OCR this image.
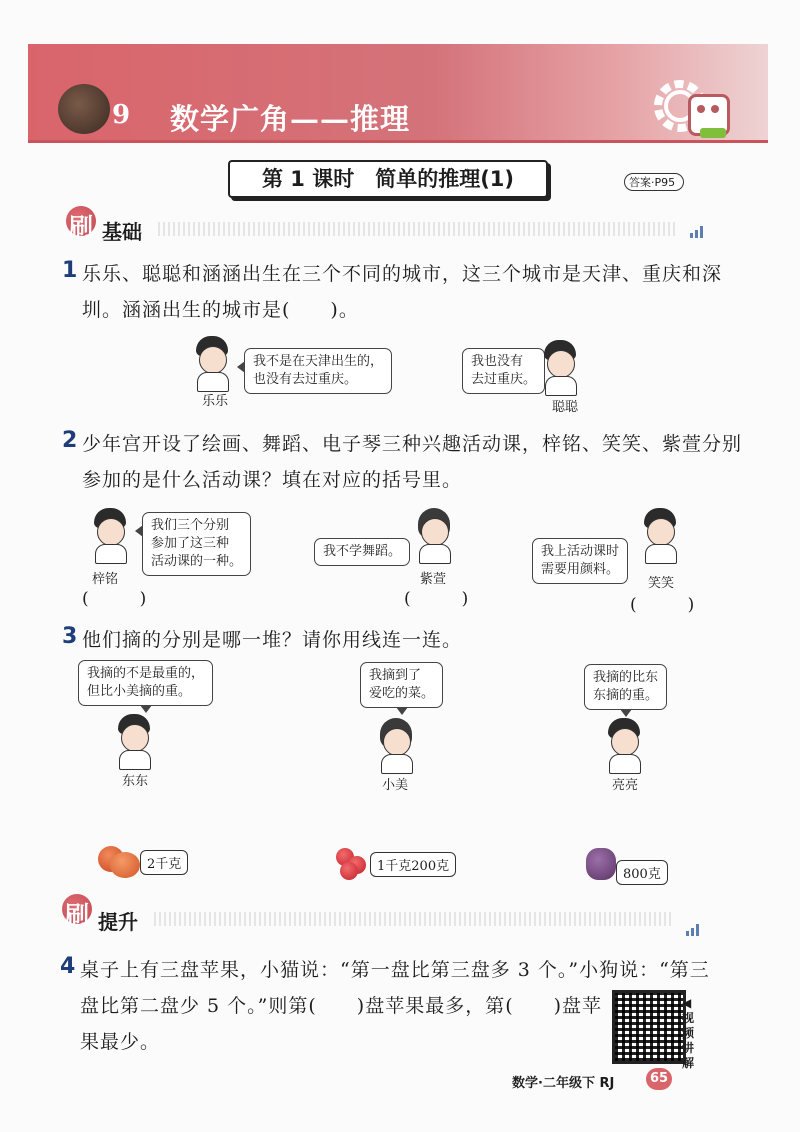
9 数学广角——推理
第 1 课时　简单的推理(1)	答案·P95
刷 基础
1 乐乐、聪聪和涵涵出生在三个不同的城市，这三个城市是天津、重庆和深
圳。涵涵出生的城市是(　　)。
乐乐
我不是在天津出生的，
也没有去过重庆。
我也没有
去过重庆。
聪聪
2 少年宫开设了绘画、舞蹈、电子琴三种兴趣活动课，梓铭、笑笑、紫萱分别
参加的是什么活动课？填在对应的括号里。
我们三个分别
参加了这三种
活动课的一种。
梓铭
(　　　)
我不学舞蹈。
紫萱
(　　　)
我上活动课时
需要用颜料。
笑笑
(　　　)
3 他们摘的分别是哪一堆？请你用线连一连。
我摘的不是最重的，
但比小美摘的重。
东东
我摘到了
爱吃的菜。
小美
我摘的比东
东摘的重。
亮亮
2千克	1千克200克
800克
刷 提升
4 桌子上有三盘苹果，小猫说：“第一盘比第三盘多 3 个。”小狗说：“第三
盘比第二盘少 5 个。”则第(　　)盘苹果最多，第(　　)盘苹
果最少。
◀视频讲解
数学·二年级下 RJ	65
